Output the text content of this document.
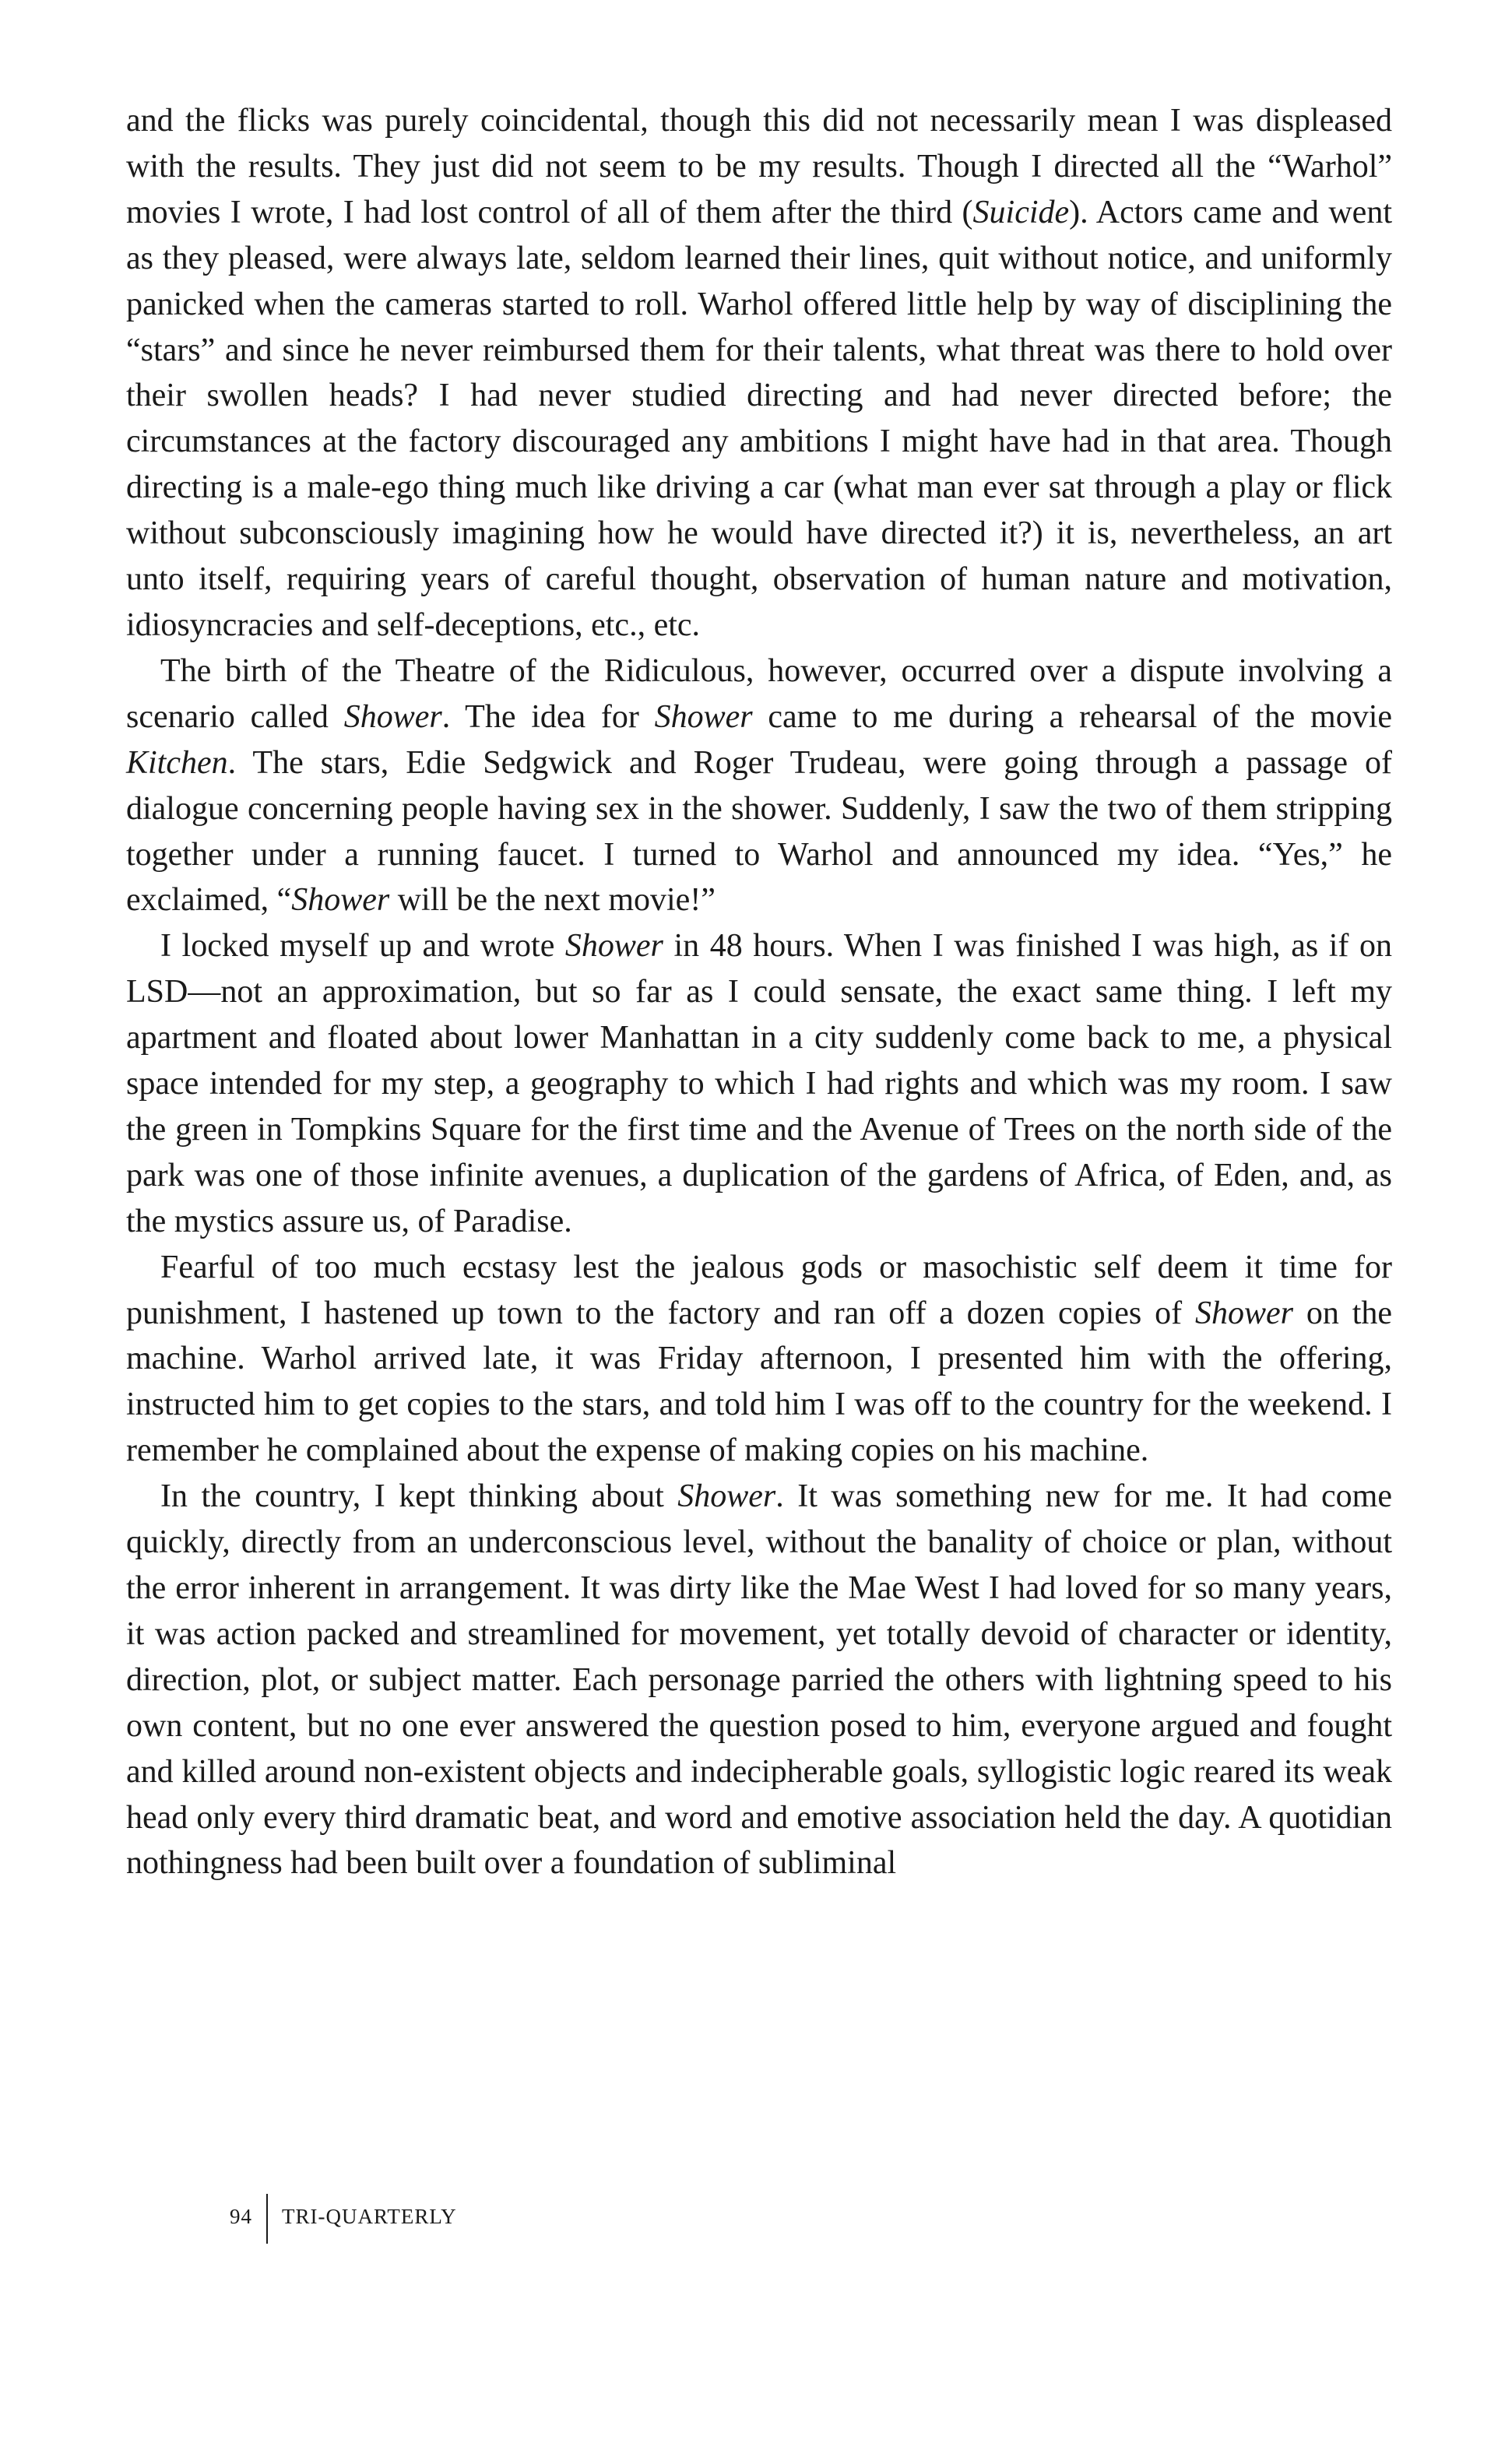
and the flicks was purely coincidental, though this did not necessarily mean I was displeased with the results. They just did not seem to be my results. Though I directed all the “Warhol” movies I wrote, I had lost control of all of them after the third (Suicide). Actors came and went as they pleased, were always late, seldom learned their lines, quit without notice, and uniformly panicked when the cameras started to roll. Warhol offered little help by way of disciplining the “stars” and since he never reimbursed them for their talents, what threat was there to hold over their swollen heads? I had never studied directing and had never directed before; the circumstances at the factory discouraged any ambitions I might have had in that area. Though directing is a male-ego thing much like driving a car (what man ever sat through a play or flick without subconsciously imagining how he would have directed it?) it is, nevertheless, an art unto itself, requiring years of careful thought, observation of human nature and motivation, idiosyncracies and self-deceptions, etc., etc.

The birth of the Theatre of the Ridiculous, however, occurred over a dispute involving a scenario called Shower. The idea for Shower came to me during a rehearsal of the movie Kitchen. The stars, Edie Sedgwick and Roger Trudeau, were going through a passage of dialogue concerning people having sex in the shower. Suddenly, I saw the two of them stripping together under a running faucet. I turned to Warhol and announced my idea. “Yes,” he exclaimed, “Shower will be the next movie!”

I locked myself up and wrote Shower in 48 hours. When I was finished I was high, as if on LSD—not an approximation, but so far as I could sensate, the exact same thing. I left my apartment and floated about lower Manhattan in a city suddenly come back to me, a physical space intended for my step, a geography to which I had rights and which was my room. I saw the green in Tompkins Square for the first time and the Avenue of Trees on the north side of the park was one of those infinite avenues, a duplication of the gardens of Africa, of Eden, and, as the mystics assure us, of Paradise.

Fearful of too much ecstasy lest the jealous gods or masochistic self deem it time for punishment, I hastened up town to the factory and ran off a dozen copies of Shower on the machine. Warhol arrived late, it was Friday afternoon, I presented him with the offering, instructed him to get copies to the stars, and told him I was off to the country for the weekend. I remember he complained about the expense of making copies on his machine.

In the country, I kept thinking about Shower. It was something new for me. It had come quickly, directly from an underconscious level, without the banality of choice or plan, without the error inherent in arrangement. It was dirty like the Mae West I had loved for so many years, it was action packed and streamlined for movement, yet totally devoid of character or identity, direction, plot, or subject matter. Each personage parried the others with lightning speed to his own content, but no one ever answered the question posed to him, everyone argued and fought and killed around non-existent objects and indecipherable goals, syllogistic logic reared its weak head only every third dramatic beat, and word and emotive association held the day. A quotidian nothingness had been built over a foundation of subliminal

94 TRI-QUARTERLY
